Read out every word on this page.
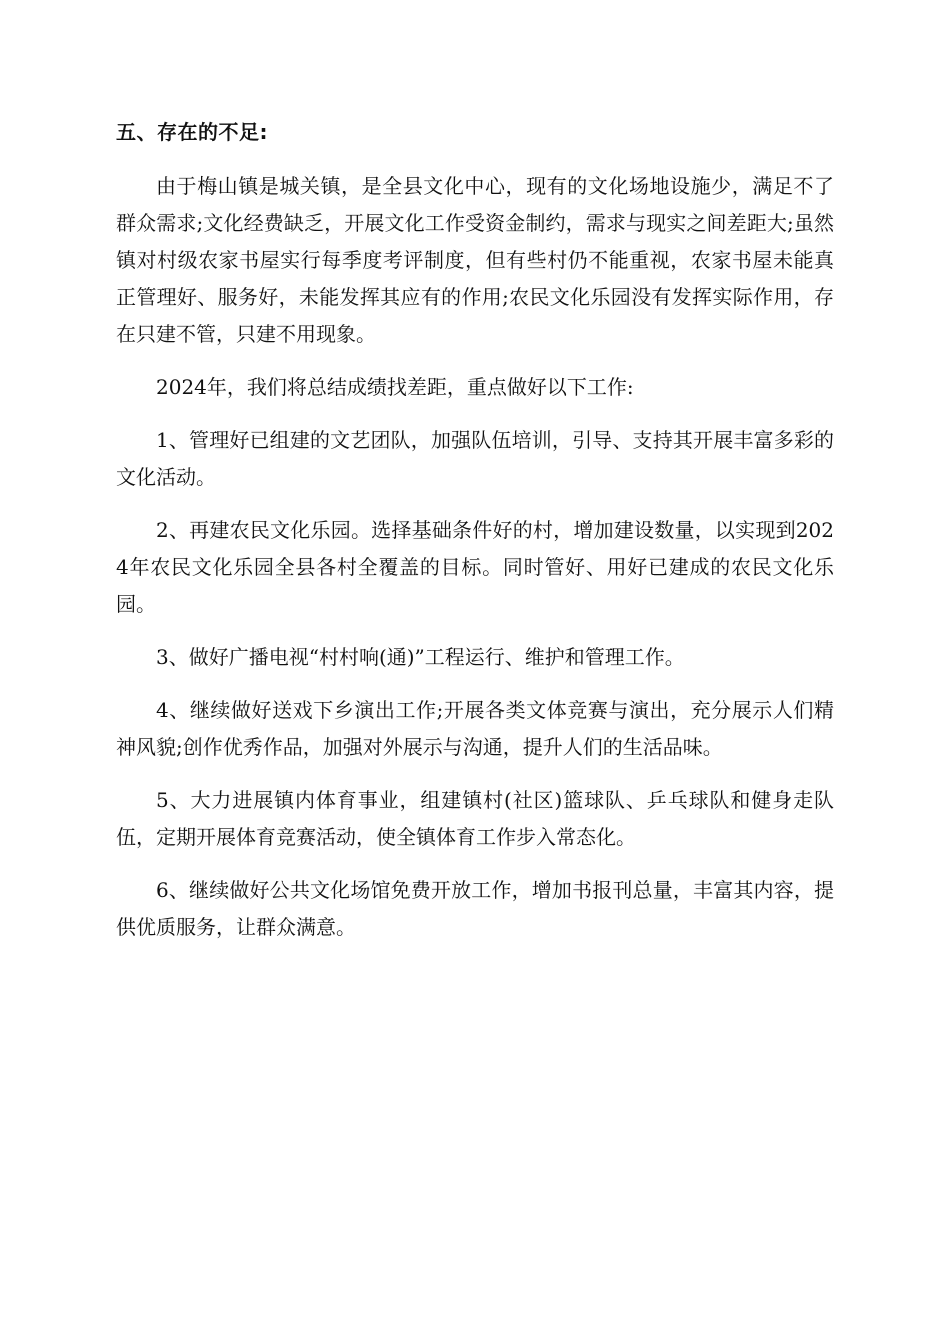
五、存在的不足:

由于梅山镇是城关镇，是全县文化中心，现有的文化场地设施少，满足不了群众需求;文化经费缺乏，开展文化工作受资金制约，需求与现实之间差距大;虽然镇对村级农家书屋实行每季度考评制度，但有些村仍不能重视，农家书屋未能真正管理好、服务好，未能发挥其应有的作用;农民文化乐园没有发挥实际作用，存在只建不管，只建不用现象。

2024年，我们将总结成绩找差距，重点做好以下工作:

1、管理好已组建的文艺团队，加强队伍培训，引导、支持其开展丰富多彩的文化活动。

2、再建农民文化乐园。选择基础条件好的村，增加建设数量，以实现到2024年农民文化乐园全县各村全覆盖的目标。同时管好、用好已建成的农民文化乐园。

3、做好广播电视“村村响(通)”工程运行、维护和管理工作。

4、继续做好送戏下乡演出工作;开展各类文体竞赛与演出，充分展示人们精神风貌;创作优秀作品，加强对外展示与沟通，提升人们的生活品味。

5、大力进展镇内体育事业，组建镇村(社区)篮球队、乒乓球队和健身走队伍，定期开展体育竞赛活动，使全镇体育工作步入常态化。

6、继续做好公共文化场馆免费开放工作，增加书报刊总量，丰富其内容，提供优质服务，让群众满意。
